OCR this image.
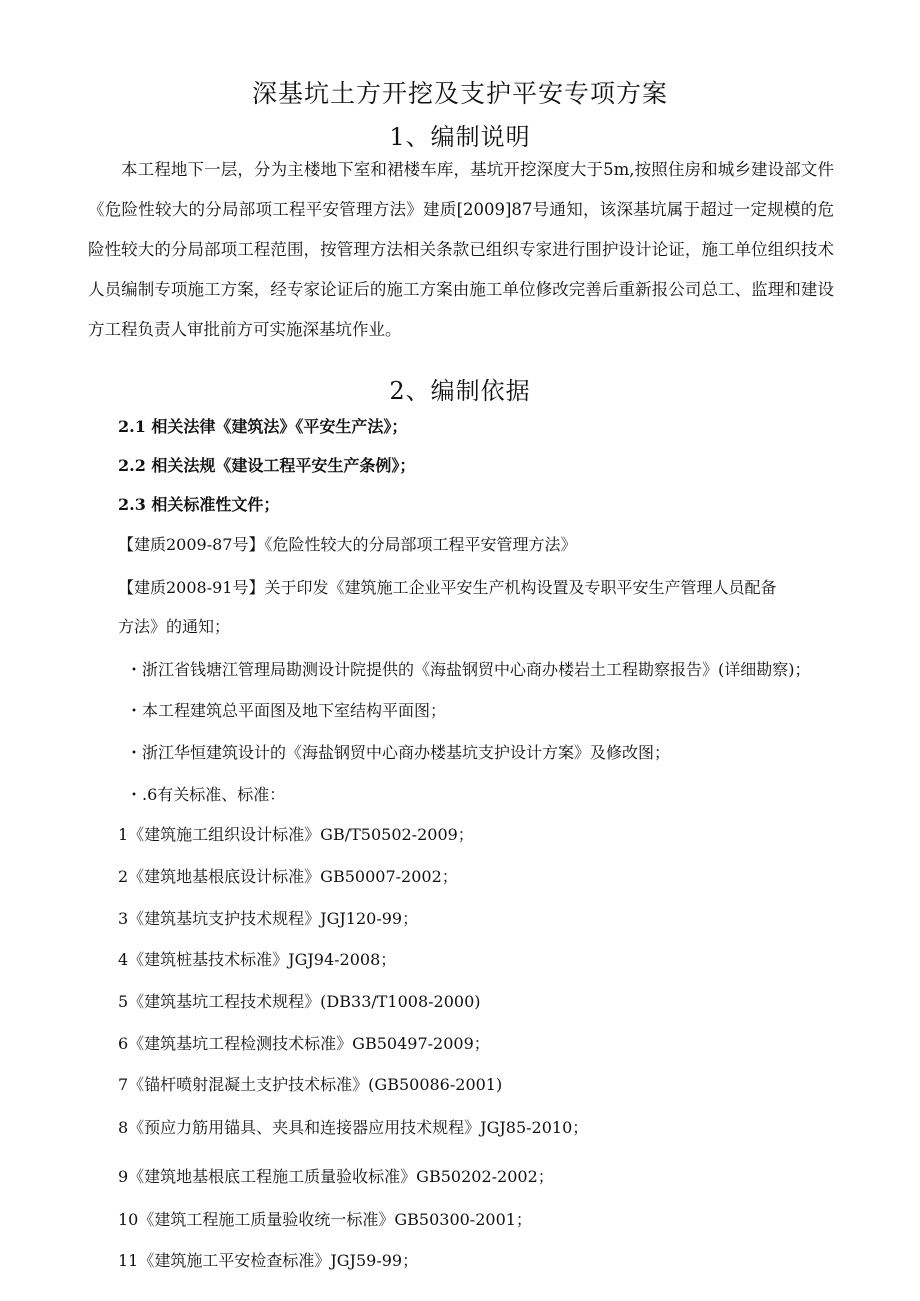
深基坑土方开挖及支护平安专项方案
1、编制说明

本工程地下一层，分为主楼地下室和裙楼车库，基坑开挖深度大于5m,按照住房和城乡建设部文件《危险性较大的分局部项工程平安管理方法》建质[2009]87号通知，该深基坑属于超过一定规模的危险性较大的分局部项工程范围，按管理方法相关条款已组织专家进行围护设计论证，施工单位组织技术人员编制专项施工方案，经专家论证后的施工方案由施工单位修改完善后重新报公司总工、监理和建设方工程负责人审批前方可实施深基坑作业。

2、编制依据
2.1 相关法律《建筑法》《平安生产法》；
2.2 相关法规《建设工程平安生产条例》；
2.3 相关标准性文件；
【建质2009-87号】《危险性较大的分局部项工程平安管理方法》
【建质2008-91号】关于印发《建筑施工企业平安生产机构设置及专职平安生产管理人员配备
方法》的通知；
・浙江省钱塘江管理局勘测设计院提供的《海盐钢贸中心商办楼岩土工程勘察报告》(详细勘察)；
・本工程建筑总平面图及地下室结构平面图；
・浙江华恒建筑设计的《海盐钢贸中心商办楼基坑支护设计方案》及修改图；
・.6有关标准、标准：
1《建筑施工组织设计标准》GB/T50502-2009；
2《建筑地基根底设计标准》GB50007-2002；
3《建筑基坑支护技术规程》JGJ120-99；
4《建筑桩基技术标准》JGJ94-2008；
5《建筑基坑工程技术规程》(DB33/T1008-2000)
6《建筑基坑工程检测技术标准》GB50497-2009；
7《锚杆喷射混凝土支护技术标准》(GB50086-2001)
8《预应力筋用锚具、夹具和连接器应用技术规程》JGJ85-2010；
9《建筑地基根底工程施工质量验收标准》GB50202-2002；
10《建筑工程施工质量验收统一标准》GB50300-2001；
11《建筑施工平安检查标准》JGJ59-99；
